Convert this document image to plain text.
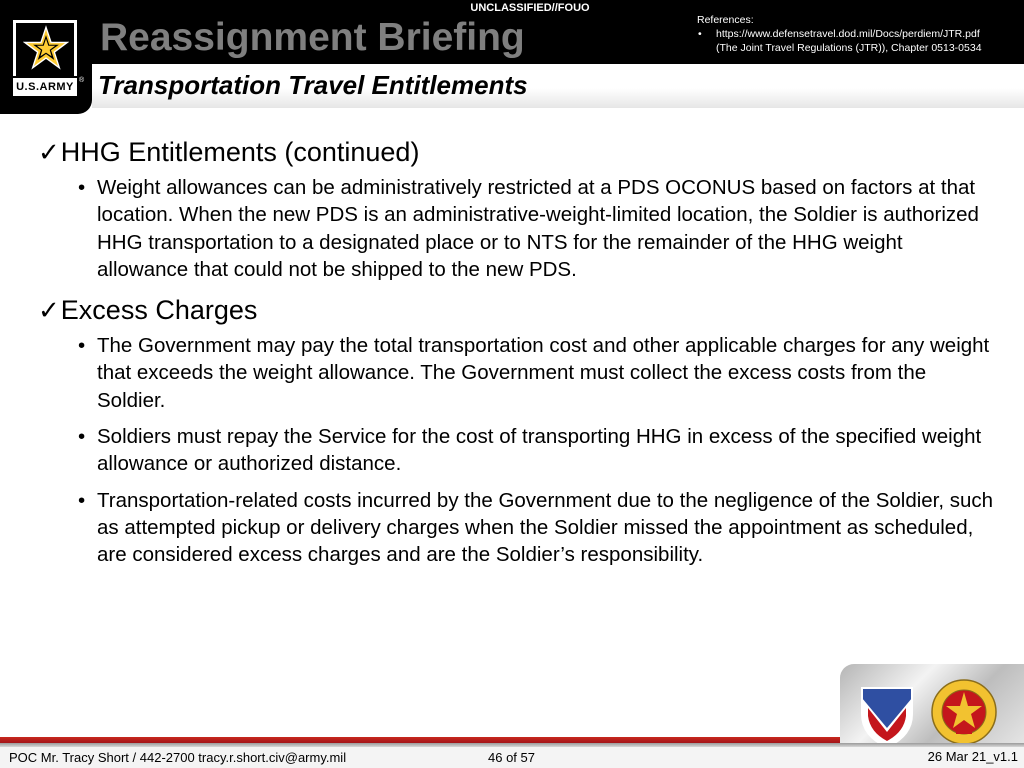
U.S.ARMY
®
UNCLASSIFIED//FOUO
Reassignment Briefing	References:
• https://www.defensetravel.dod.mil/Docs/perdiem/JTR.pdf
(The Joint Travel Regulations (JTR)), Chapter 0513-0534
Transportation Travel Entitlements
✓HHG Entitlements (continued)
• Weight allowances can be administratively restricted at a PDS OCONUS based on factors at that location. When the new PDS is an administrative-weight-limited location, the Soldier is authorized HHG transportation to a designated place or to NTS for the remainder of the HHG weight allowance that could not be shipped to the new PDS.
✓Excess Charges
• The Government may pay the total transportation cost and other applicable charges for any weight that exceeds the weight allowance. The Government must collect the excess costs from the Soldier.
• Soldiers must repay the Service for the cost of transporting HHG in excess of the specified weight allowance or authorized distance.
• Transportation-related costs incurred by the Government due to the negligence of the Soldier, such as attempted pickup or delivery charges when the Soldier missed the appointment as scheduled, are considered excess charges and are the Soldier’s responsibility.
POC Mr. Tracy Short / 442-2700 tracy.r.short.civ@army.mil	46 of 57	26 Mar 21_v1.1
